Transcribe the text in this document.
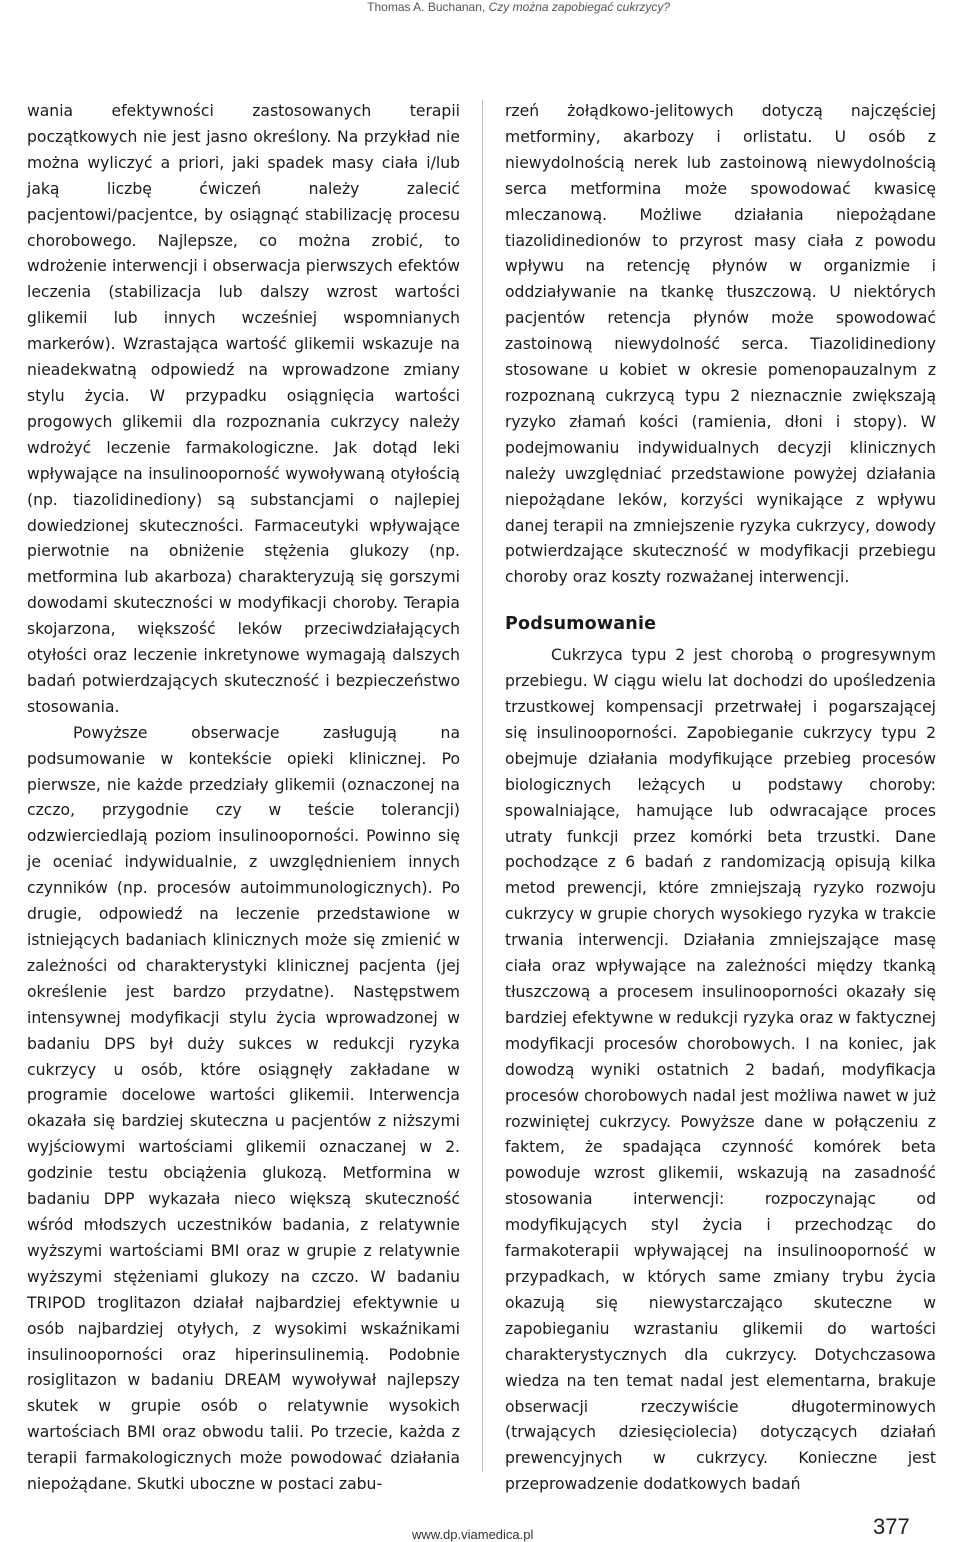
Thomas A. Buchanan, Czy można zapobiegać cukrzycy?

wania efektywności zastosowanych terapii początkowych nie jest jasno określony. Na przykład nie można wyliczyć a priori, jaki spadek masy ciała i/lub jaką liczbę ćwiczeń należy zalecić pacjentowi/pacjentce, by osiągnąć stabilizację procesu chorobowego. Najlepsze, co można zrobić, to wdrożenie interwencji i obserwacja pierwszych efektów leczenia (stabilizacja lub dalszy wzrost wartości glikemii lub innych wcześniej wspomnianych markerów). Wzrastająca wartość glikemii wskazuje na nieadekwatną odpowiedź na wprowadzone zmiany stylu życia. W przypadku osiągnięcia wartości progowych glikemii dla rozpoznania cukrzycy należy wdrożyć leczenie farmakologiczne. Jak dotąd leki wpływające na insulinooporność wywoływaną otyłością (np. tiazolidinediony) są substancjami o najlepiej dowiedzionej skuteczności. Farmaceutyki wpływające pierwotnie na obniżenie stężenia glukozy (np. metformina lub akarboza) charakteryzują się gorszymi dowodami skuteczności w modyfikacji choroby. Terapia skojarzona, większość leków przeciwdziałających otyłości oraz leczenie inkretynowe wymagają dalszych badań potwierdzających skuteczność i bezpieczeństwo stosowania.

Powyższe obserwacje zasługują na podsumowanie w kontekście opieki klinicznej. Po pierwsze, nie każde przedziały glikemii (oznaczonej na czczo, przygodnie czy w teście tolerancji) odzwierciedlają poziom insulinooporności. Powinno się je oceniać indywidualnie, z uwzględnieniem innych czynników (np. procesów autoimmunologicznych). Po drugie, odpowiedź na leczenie przedstawione w istniejących badaniach klinicznych może się zmienić w zależności od charakterystyki klinicznej pacjenta (jej określenie jest bardzo przydatne). Następstwem intensywnej modyfikacji stylu życia wprowadzonej w badaniu DPS był duży sukces w redukcji ryzyka cukrzycy u osób, które osiągnęły zakładane w programie docelowe wartości glikemii. Interwencja okazała się bardziej skuteczna u pacjentów z niższymi wyjściowymi wartościami glikemii oznaczanej w 2. godzinie testu obciążenia glukozą. Metformina w badaniu DPP wykazała nieco większą skuteczność wśród młodszych uczestników badania, z relatywnie wyższymi wartościami BMI oraz w grupie z relatywnie wyższymi stężeniami glukozy na czczo. W badaniu TRIPOD troglitazon działał najbardziej efektywnie u osób najbardziej otyłych, z wysokimi wskaźnikami insulinooporności oraz hiperinsulinemią. Podobnie rosiglitazon w badaniu DREAM wywoływał najlepszy skutek w grupie osób o relatywnie wysokich wartościach BMI oraz obwodu talii. Po trzecie, każda z terapii farmakologicznych może powodować działania niepożądane. Skutki uboczne w postaci zabu-

rzeń żołądkowo-jelitowych dotyczą najczęściej metforminy, akarbozy i orlistatu. U osób z niewydolnością nerek lub zastoinową niewydolnością serca metformina może spowodować kwasicę mleczanową. Możliwe działania niepożądane tiazolidinedionów to przyrost masy ciała z powodu wpływu na retencję płynów w organizmie i oddziaływanie na tkankę tłuszczową. U niektórych pacjentów retencja płynów może spowodować zastoinową niewydolność serca. Tiazolidinediony stosowane u kobiet w okresie pomenopauzalnym z rozpoznaną cukrzycą typu 2 nieznacznie zwiększają ryzyko złamań kości (ramienia, dłoni i stopy). W podejmowaniu indywidualnych decyzji klinicznych należy uwzględniać przedstawione powyżej działania niepożądane leków, korzyści wynikające z wpływu danej terapii na zmniejszenie ryzyka cukrzycy, dowody potwierdzające skuteczność w modyfikacji przebiegu choroby oraz koszty rozważanej interwencji.

Podsumowanie

Cukrzyca typu 2 jest chorobą o progresywnym przebiegu. W ciągu wielu lat dochodzi do upośledzenia trzustkowej kompensacji przetrwałej i pogarszającej się insulinooporności. Zapobieganie cukrzycy typu 2 obejmuje działania modyfikujące przebieg procesów biologicznych leżących u podstawy choroby: spowalniające, hamujące lub odwracające proces utraty funkcji przez komórki beta trzustki. Dane pochodzące z 6 badań z randomizacją opisują kilka metod prewencji, które zmniejszają ryzyko rozwoju cukrzycy w grupie chorych wysokiego ryzyka w trakcie trwania interwencji. Działania zmniejszające masę ciała oraz wpływające na zależności między tkanką tłuszczową a procesem insulinooporności okazały się bardziej efektywne w redukcji ryzyka oraz w faktycznej modyfikacji procesów chorobowych. I na koniec, jak dowodzą wyniki ostatnich 2 badań, modyfikacja procesów chorobowych nadal jest możliwa nawet w już rozwiniętej cukrzycy. Powyższe dane w połączeniu z faktem, że spadająca czynność komórek beta powoduje wzrost glikemii, wskazują na zasadność stosowania interwencji: rozpoczynając od modyfikujących styl życia i przechodząc do farmakoterapii wpływającej na insulinooporność w przypadkach, w których same zmiany trybu życia okazują się niewystarczająco skuteczne w zapobieganiu wzrastaniu glikemii do wartości charakterystycznych dla cukrzycy. Dotychczasowa wiedza na ten temat nadal jest elementarna, brakuje obserwacji rzeczywiście długoterminowych (trwających dziesięciolecia) dotyczących działań prewencyjnych w cukrzycy. Konieczne jest przeprowadzenie dodatkowych badań

www.dp.viamedica.pl	377
